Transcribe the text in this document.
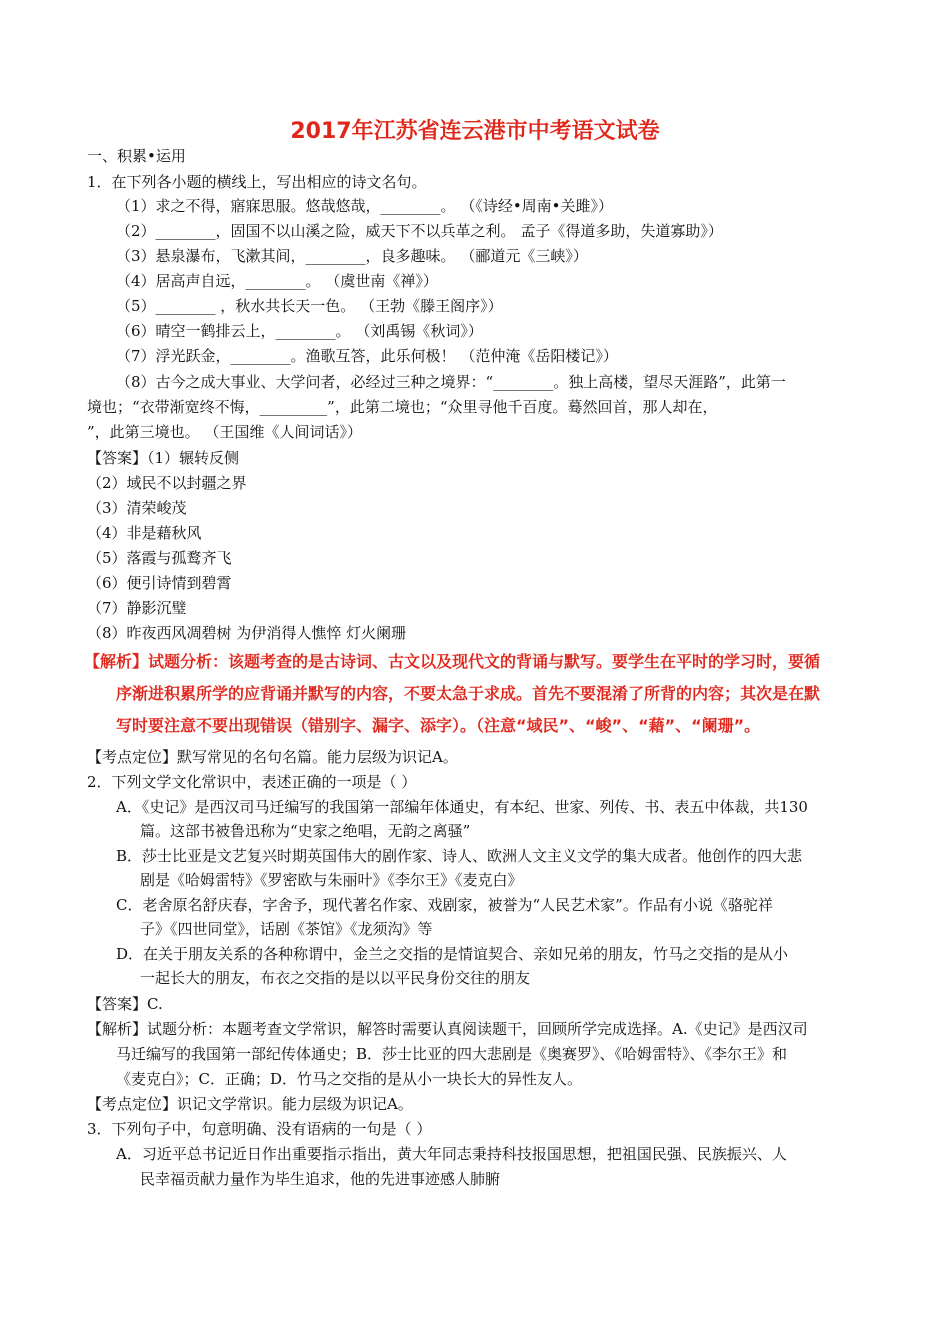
2017年江苏省连云港市中考语文试卷
一、积累•运用
1．在下列各小题的横线上，写出相应的诗文名句。
（1）求之不得，寤寐思服。悠哉悠哉，________。 （《诗经•周南•关雎》）
（2）________，固国不以山溪之险，威天下不以兵革之利。 孟子《得道多助，失道寡助》）
（3）悬泉瀑布，飞漱其间，________，良多趣味。 （郦道元《三峡》）
（4）居高声自远，________。 （虞世南《禅》）
（5）________ ，秋水共长天一色。 （王勃《滕王阁序》）
（6）晴空一鹤排云上，________。 （刘禹锡《秋词》）
（7）浮光跃金，________。渔歌互答，此乐何极！ （范仲淹《岳阳楼记》）
（8）古今之成大事业、大学问者，必经过三种之境界：“________。独上高楼，望尽天涯路”，此第一
境也；“衣带渐宽终不悔，_________”，此第二境也；“众里寻他千百度。蓦然回首，那人却在，
”，此第三境也。 （王国维《人间词话》）
【答案】（1）辗转反侧
（2）域民不以封疆之界
（3）清荣峻茂
（4）非是藉秋风
（5）落霞与孤鹜齐飞
（6）便引诗情到碧霄
（7）静影沉璧
（8）昨夜西风凋碧树 为伊消得人憔悴 灯火阑珊
【解析】试题分析：该题考查的是古诗词、古文以及现代文的背诵与默写。要学生在平时的学习时，要循
序渐进积累所学的应背诵并默写的内容，不要太急于求成。首先不要混淆了所背的内容；其次是在默
写时要注意不要出现错误（错别字、漏字、添字）。（注意“域民”、“峻”、“藉”、“阑珊”。
【考点定位】默写常见的名句名篇。能力层级为识记A。
2．下列文学文化常识中，表述正确的一项是（ ）
A．《史记》是西汉司马迁编写的我国第一部编年体通史，有本纪、世家、列传、书、表五中体裁，共130
篇。这部书被鲁迅称为“史家之绝唱，无韵之离骚”
B．莎士比亚是文艺复兴时期英国伟大的剧作家、诗人、欧洲人文主义文学的集大成者。他创作的四大悲
剧是《哈姆雷特》《罗密欧与朱丽叶》《李尔王》《麦克白》
C．老舍原名舒庆春，字舍予，现代著名作家、戏剧家，被誉为“人民艺术家”。作品有小说《骆驼祥
子》《四世同堂》，话剧《茶馆》《龙须沟》等
D．在关于朋友关系的各种称谓中，金兰之交指的是情谊契合、亲如兄弟的朋友，竹马之交指的是从小
一起长大的朋友，布衣之交指的是以以平民身份交往的朋友
【答案】C.
【解析】试题分析：本题考查文学常识，解答时需要认真阅读题干，回顾所学完成选择。A.《史记》是西汉司
马迁编写的我国第一部纪传体通史；B．莎士比亚的四大悲剧是《奥赛罗》、《哈姆雷特》、《李尔王》和
《麦克白》；C．正确；D．竹马之交指的是从小一块长大的异性友人。
【考点定位】识记文学常识。能力层级为识记A。
3．下列句子中，句意明确、没有语病的一句是（ ）
A．习近平总书记近日作出重要指示指出，黄大年同志秉持科技报国思想，把祖国民强、民族振兴、人
民幸福贡献力量作为毕生追求，他的先进事迹感人肺腑
